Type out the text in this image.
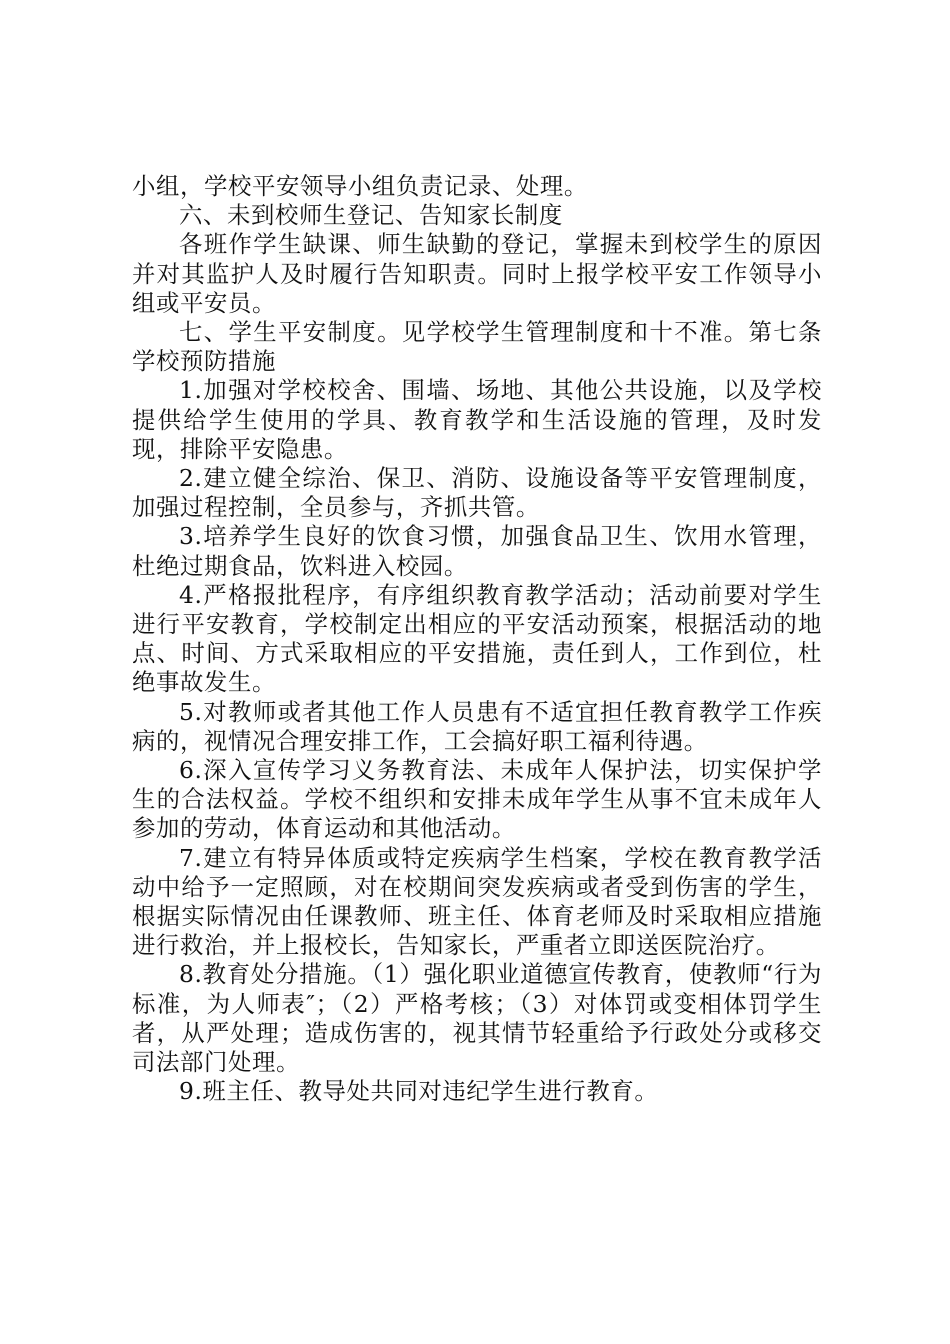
小组，学校平安领导小组负责记录、处理。

六、未到校师生登记、告知家长制度

各班作学生缺课、师生缺勤的登记，掌握未到校学生的原因并对其监护人及时履行告知职责。同时上报学校平安工作领导小组或平安员。

七、学生平安制度。见学校学生管理制度和十不准。第七条学校预防措施

1.加强对学校校舍、围墙、场地、其他公共设施，以及学校提供给学生使用的学具、教育教学和生活设施的管理，及时发现，排除平安隐患。

2.建立健全综治、保卫、消防、设施设备等平安管理制度，加强过程控制，全员参与，齐抓共管。

3.培养学生良好的饮食习惯，加强食品卫生、饮用水管理，杜绝过期食品，饮料进入校园。

4.严格报批程序，有序组织教育教学活动；活动前要对学生进行平安教育，学校制定出相应的平安活动预案，根据活动的地点、时间、方式采取相应的平安措施，责任到人，工作到位，杜绝事故发生。

5.对教师或者其他工作人员患有不适宜担任教育教学工作疾病的，视情况合理安排工作，工会搞好职工福利待遇。

6.深入宣传学习义务教育法、未成年人保护法，切实保护学生的合法权益。学校不组织和安排未成年学生从事不宜未成年人参加的劳动，体育运动和其他活动。

7.建立有特异体质或特定疾病学生档案，学校在教育教学活动中给予一定照顾，对在校期间突发疾病或者受到伤害的学生，根据实际情况由任课教师、班主任、体育老师及时采取相应措施进行救治，并上报校长，告知家长，严重者立即送医院治疗。

8.教育处分措施。（1）强化职业道德宣传教育，使教师“行为标准，为人师表″；（2）严格考核；（3）对体罚或变相体罚学生者，从严处理；造成伤害的，视其情节轻重给予行政处分或移交司法部门处理。

9.班主任、教导处共同对违纪学生进行教育。
